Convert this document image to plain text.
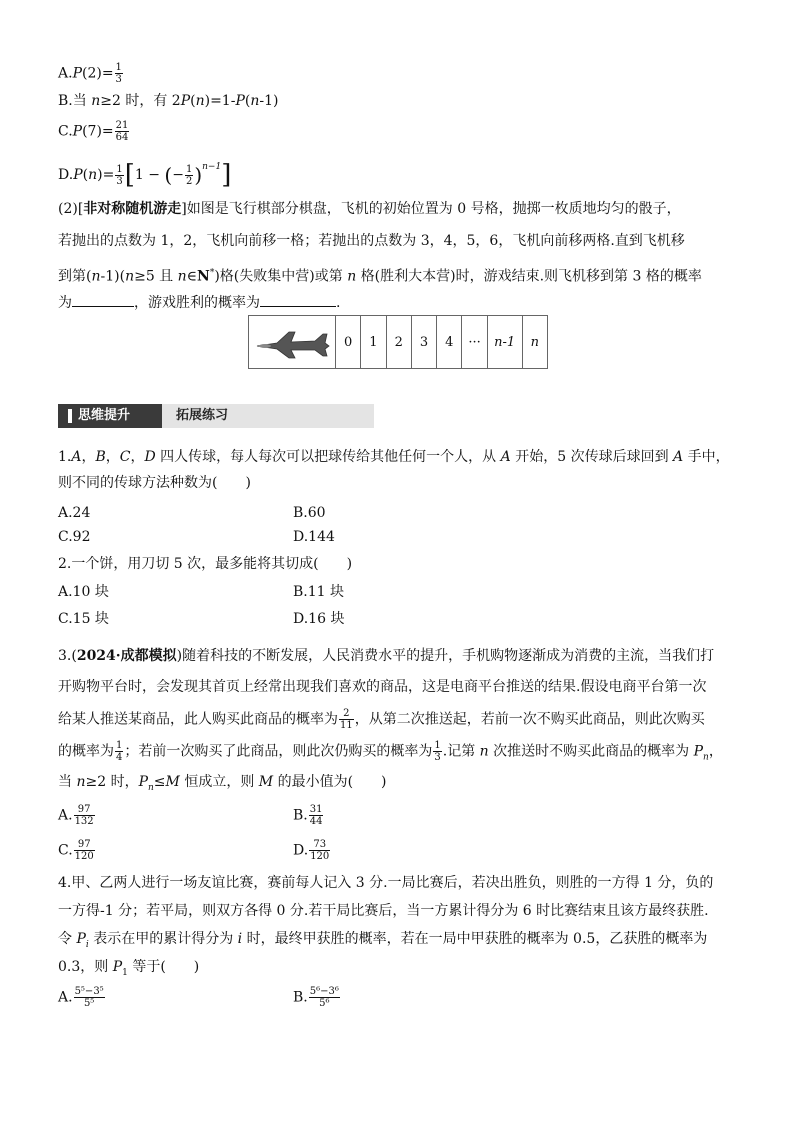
$A.P(2)= \frac{1}{3}$
B.当 n≥2 时，有 2P(n)=1-P(n-1)
$C.P(7)= \frac{21}{64}$
$D.P(n)= \frac{1}{3} [1$ − (− $\frac{1}{2} )^{n-1}$]
(2)[非对称随机游走]如图是飞行棋部分棋盘，飞机的初始位置为 0 号格，抛掷一枚质地均匀的骰子，
若抛出的点数为 1，2，飞机向前移一格；若抛出的点数为 3，4，5，6，飞机向前移两格.直到飞机移
到第(n-1)(n≥5 且 n∈N*)格(失败集中营)或第 n 格(胜利大本营)时，游戏结束.则飞机移到第 3 格的概率
为	，游戏胜利的概率为	.
0	1	2	3	4	···	n-1	n
思维提升	拓展练习
1.A，B，C，D 四人传球，每人每次可以把球传给其他任何一个人，从 A 开始，5 次传球后球回到 A 手中，
则不同的传球方法种数为(　　)
A.24	B.60
C.92	D.144
2.一个饼，用刀切 5 次，最多能将其切成(　　)
A.10 块	B.11 块
C.15 块	D.16 块
3.(2024·成都模拟)随着科技的不断发展，人民消费水平的提升，手机购物逐渐成为消费的主流，当我们打
开购物平台时，会发现其首页上经常出现我们喜欢的商品，这是电商平台推送的结果.假设电商平台第一次
给某人推送某商品，此人购买此商品的概率为 $\frac{2}{11}$ ，从第二次推送起，若前一次不购买此商品，则此次购买
的概率为 $\frac{1}{4}$ ；若前一次购买了此商品，则此次仍购买的概率为 $\frac{1}{3}$ .记第 n 次推送时不购买此商品的概率为 $P_n$，
当 n≥2 时，$P_n\le M$ 恒成立，则 M 的最小值为(　　)
A. $\frac{97}{132}$	B. $\frac{31}{44}$
C. $\frac{97}{120}$	D. $\frac{73}{120}$
4.甲、乙两人进行一场友谊比赛，赛前每人记入 3 分.一局比赛后，若决出胜负，则胜的一方得 1 分，负的
一方得-1 分；若平局，则双方各得 0 分.若干局比赛后，当一方累计得分为 6 时比赛结束且该方最终获胜.
令 $P_i$ 表示在甲的累计得分为 i 时，最终甲获胜的概率，若在一局中甲获胜的概率为 0.5，乙获胜的概率为
0.3，则 $P_1$ 等于(　　)
A. $\frac{\text{5⁵−3⁵}}{\text{5⁵}}$	B. $\frac{\text{5⁶−3⁶}}{\text{5⁶}}$
